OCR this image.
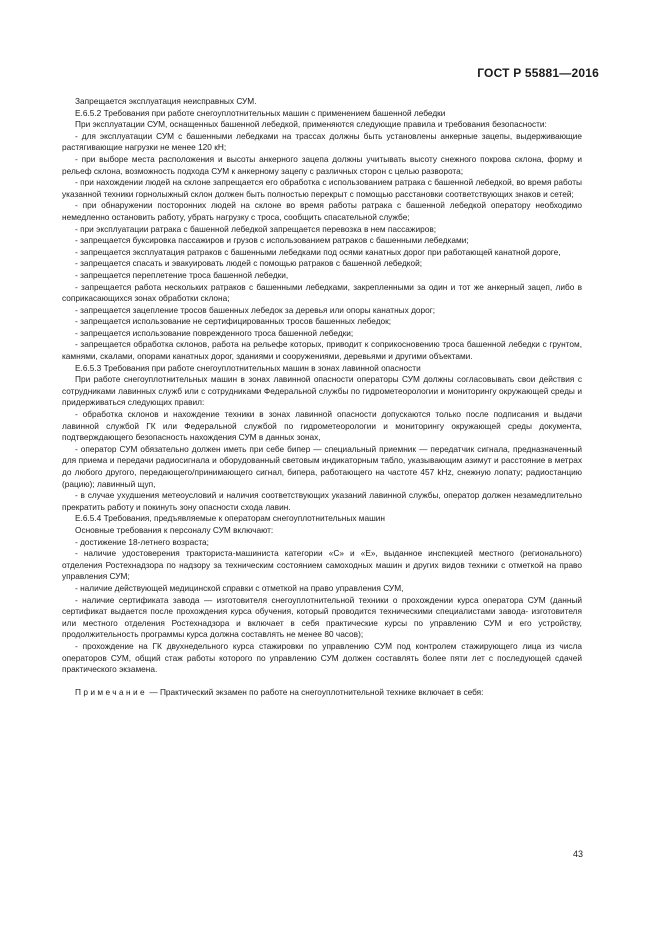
ГОСТ Р 55881—2016

Запрещается эксплуатация неисправных СУМ.

Е.6.5.2 Требования при работе снегоуплотнительных машин с применением башенной лебедки

При эксплуатации СУМ, оснащенных башенной лебедкой, применяются следующие правила и требования безопасности:

- для эксплуатации СУМ с башенными лебедками на трассах должны быть установлены анкерные зацепы, выдерживающие растягивающие нагрузки не менее 120 кН;

- при выборе места расположения и высоты анкерного зацепа должны учитывать высоту снежного покрова склона, форму и рельеф склона, возможность подхода СУМ к анкерному зацепу с различных сторон с целью разворота;

- при нахождении людей на склоне запрещается его обработка с использованием ратрака с башенной лебедкой, во время работы указанной техники горнолыжный склон должен быть полностью перекрыт с помощью расстановки соответствующих знаков и сетей;

- при обнаружении посторонних людей на склоне во время работы ратрака с башенной лебедкой оператору необходимо немедленно остановить работу, убрать нагрузку с троса, сообщить спасательной службе;

- при эксплуатации ратрака с башенной лебедкой запрещается перевозка в нем пассажиров;

- запрещается буксировка пассажиров и грузов с использованием ратраков с башенными лебедками;

- запрещается эксплуатация ратраков с башенными лебедками под осями канатных дорог при работающей канатной дороге,

- запрещается спасать и эвакуировать людей с помощью ратраков с башенной лебедкой;

- запрещается переплетение троса башенной лебедки,

- запрещается работа нескольких ратраков с башенными лебедками, закрепленными за один и тот же анкерный зацеп, либо в соприкасающихся зонах обработки склона;

- запрещается зацепление тросов башенных лебедок за деревья или опоры канатных дорог;

- запрещается использование не сертифицированных тросов башенных лебедок;

- запрещается использование поврежденного троса башенной лебедки;

- запрещается обработка склонов, работа на рельефе которых, приводит к соприкосновению троса башенной лебедки с грунтом, камнями, скалами, опорами канатных дорог, зданиями и сооружениями, деревьями и другими объектами.

Е.6.5.3 Требования при работе снегоуплотнительных машин в зонах лавинной опасности

При работе снегоуплотнительных машин в зонах лавинной опасности операторы СУМ должны согласовывать свои действия с сотрудниками лавинных служб или с сотрудниками Федеральной службы по гидрометеорологии и мониторингу окружающей среды и придерживаться следующих правил:

- обработка склонов и нахождение техники в зонах лавинной опасности допускаются только после подписания и выдачи лавинной службой ГК или Федеральной службой по гидрометеорологии и мониторингу окружающей среды документа, подтверждающего безопасность нахождения СУМ в данных зонах,

- оператор СУМ обязательно должен иметь при себе бипер — специальный приемник — передатчик сигнала, предназначенный для приема и передачи радиосигнала и оборудованный световым индикаторным табло, указывающим азимут и расстояние в метрах до любого другого, передающего/принимающего сигнал, бипера, работающего на частоте 457 kHz, снежную лопату; радиостанцию (рацию); лавинный щуп,

- в случае ухудшения метеоусловий и наличия соответствующих указаний лавинной службы, оператор должен незамедлительно прекратить работу и покинуть зону опасности схода лавин.

Е.6.5.4 Требования, предъявляемые к операторам снегоуплотнительных машин

Основные требования к персоналу СУМ включают:

- достижение 18-летнего возраста;

- наличие удостоверения тракториста-машиниста категории «С» и «Е», выданное инспекцией местного (регионального) отделения Ростехнадзора по надзору за техническим состоянием самоходных машин и других видов техники с отметкой на право управления СУМ;

- наличие действующей медицинской справки с отметкой на право управления СУМ,

- наличие сертификата завода — изготовителя снегоуплотнительной техники о прохождении курса оператора СУМ (данный сертификат выдается после прохождения курса обучения, который проводится техническими специалистами завода- изготовителя или местного отделения Ростехнадзора и включает в себя практические курсы по управлению СУМ и его устройству, продолжительность программы курса должна составлять не менее 80 часов);

- прохождение на ГК двухнедельного курса стажировки по управлению СУМ под контролем стажирующего лица из числа операторов СУМ, общий стаж работы которого по управлению СУМ должен составлять более пяти лет с последующей сдачей практического экзамена.

Примечание — Практический экзамен по работе на снегоуплотнительной технике включает в себя:

43
